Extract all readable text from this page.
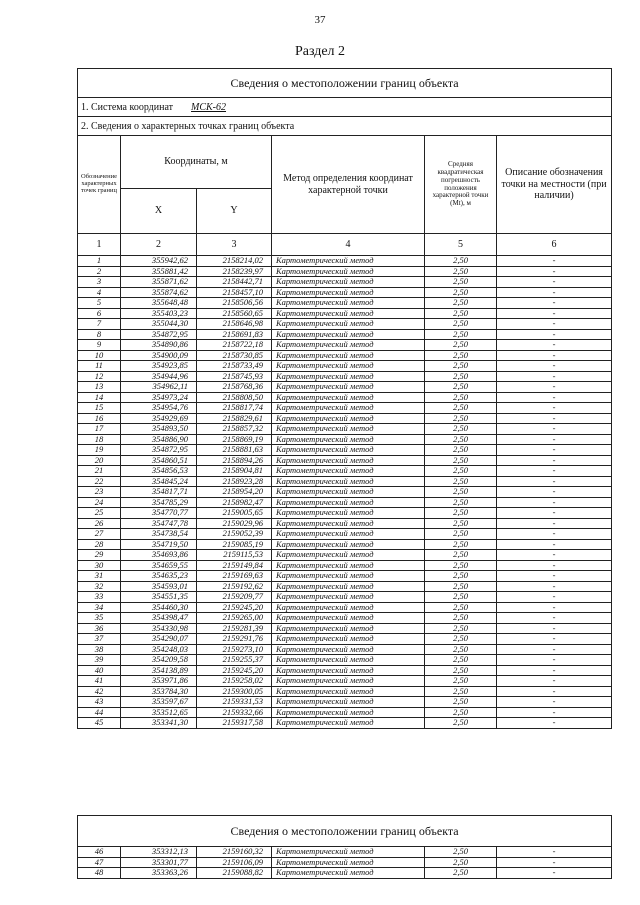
37
Раздел 2
Сведения о местоположении границ объекта					
1. Система координат МСК-62					
2. Сведения о характерных точках границ объекта					
Обозначение характерных точек границ	Координаты, м		Метод определения координат характерной точки	Средняя квадратическая погрешность положения характерной точки (Mt), м	Описание обозначения точки на местности (при наличии)
	X	Y			
1	2	3	4	5	6
1	355942,62	2158214,02	Картометрический метод	2,50	-
2	355881,42	2158239,97	Картометрический метод	2,50	-
3	355871,62	2158442,71	Картометрический метод	2,50	-
4	355874,62	2158457,10	Картометрический метод	2,50	-
5	355648,48	2158506,56	Картометрический метод	2,50	-
6	355403,23	2158560,65	Картометрический метод	2,50	-
7	355044,30	2158646,98	Картометрический метод	2,50	-
8	354872,95	2158691,83	Картометрический метод	2,50	-
9	354890,86	2158722,18	Картометрический метод	2,50	-
10	354900,09	2158730,85	Картометрический метод	2,50	-
11	354923,85	2158733,49	Картометрический метод	2,50	-
12	354944,96	2158745,93	Картометрический метод	2,50	-
13	354962,11	2158768,36	Картометрический метод	2,50	-
14	354973,24	2158808,50	Картометрический метод	2,50	-
15	354954,76	2158817,74	Картометрический метод	2,50	-
16	354929,69	2158829,61	Картометрический метод	2,50	-
17	354893,50	2158857,32	Картометрический метод	2,50	-
18	354886,90	2158869,19	Картометрический метод	2,50	-
19	354872,95	2158881,63	Картометрический метод	2,50	-
20	354860,51	2158894,26	Картометрический метод	2,50	-
21	354856,53	2158904,81	Картометрический метод	2,50	-
22	354845,24	2158923,28	Картометрический метод	2,50	-
23	354817,71	2158954,20	Картометрический метод	2,50	-
24	354785,29	2158982,47	Картометрический метод	2,50	-
25	354770,77	2159005,65	Картометрический метод	2,50	-
26	354747,78	2159029,96	Картометрический метод	2,50	-
27	354738,54	2159052,39	Картометрический метод	2,50	-
28	354719,50	2159085,19	Картометрический метод	2,50	-
29	354693,86	2159115,53	Картометрический метод	2,50	-
30	354659,55	2159149,84	Картометрический метод	2,50	-
31	354635,23	2159169,63	Картометрический метод	2,50	-
32	354593,01	2159192,62	Картометрический метод	2,50	-
33	354551,35	2159209,77	Картометрический метод	2,50	-
34	354460,30	2159245,20	Картометрический метод	2,50	-
35	354398,47	2159265,00	Картометрический метод	2,50	-
36	354330,98	2159281,39	Картометрический метод	2,50	-
37	354290,07	2159291,76	Картометрический метод	2,50	-
38	354248,03	2159273,10	Картометрический метод	2,50	-
39	354209,58	2159255,37	Картометрический метод	2,50	-
40	354138,89	2159245,20	Картометрический метод	2,50	-
41	353971,86	2159258,02	Картометрический метод	2,50	-
42	353784,30	2159300,05	Картометрический метод	2,50	-
43	353597,67	2159331,53	Картометрический метод	2,50	-
44	353512,65	2159332,66	Картометрический метод	2,50	-
45	353341,30	2159317,58	Картометрический метод	2,50	-
Сведения о местоположении границ объекта					
46	353312,13	2159160,32	Картометрический метод	2,50	-
47	353301,77	2159106,09	Картометрический метод	2,50	-
48	353363,26	2159088,82	Картометрический метод	2,50	-
